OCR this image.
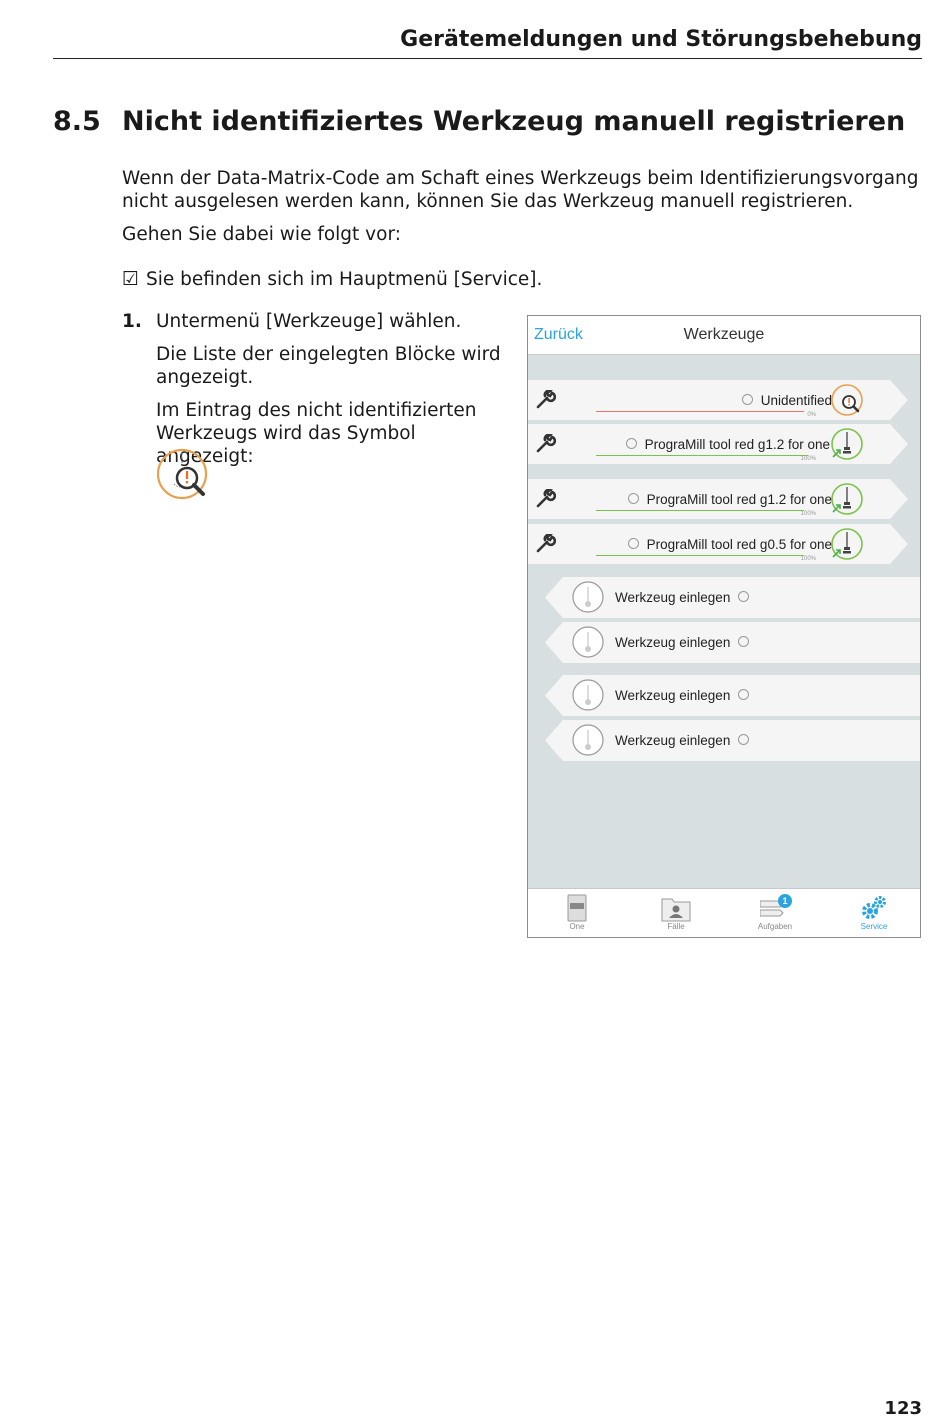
Gerätemeldungen und Störungsbehebung
8.5 Nicht identifiziertes Werkzeug manuell registrieren
Wenn der Data-Matrix-Code am Schaft eines Werkzeugs beim Identifizierungsvorgang nicht ausgelesen werden kann, können Sie das Werkzeug manuell registrieren.
Gehen Sie dabei wie folgt vor:
☑ Sie befinden sich im Hauptmenü [Service].
1. Untermenü [Werkzeuge] wählen.
Die Liste der eingelegten Blöcke wird angezeigt.
Im Eintrag des nicht identifizierten Werkzeugs wird das Symbol angezeigt:
Zurück	Werkzeuge
Unidentified
0%
PrograMill tool red g1.2 for one
100%
PrograMill tool red g1.2 for one
100%
PrograMill tool red g0.5 for one
100%
Werkzeug einlegen
Werkzeug einlegen
Werkzeug einlegen
Werkzeug einlegen
One	Fälle
1
Aufgaben	Service
123
